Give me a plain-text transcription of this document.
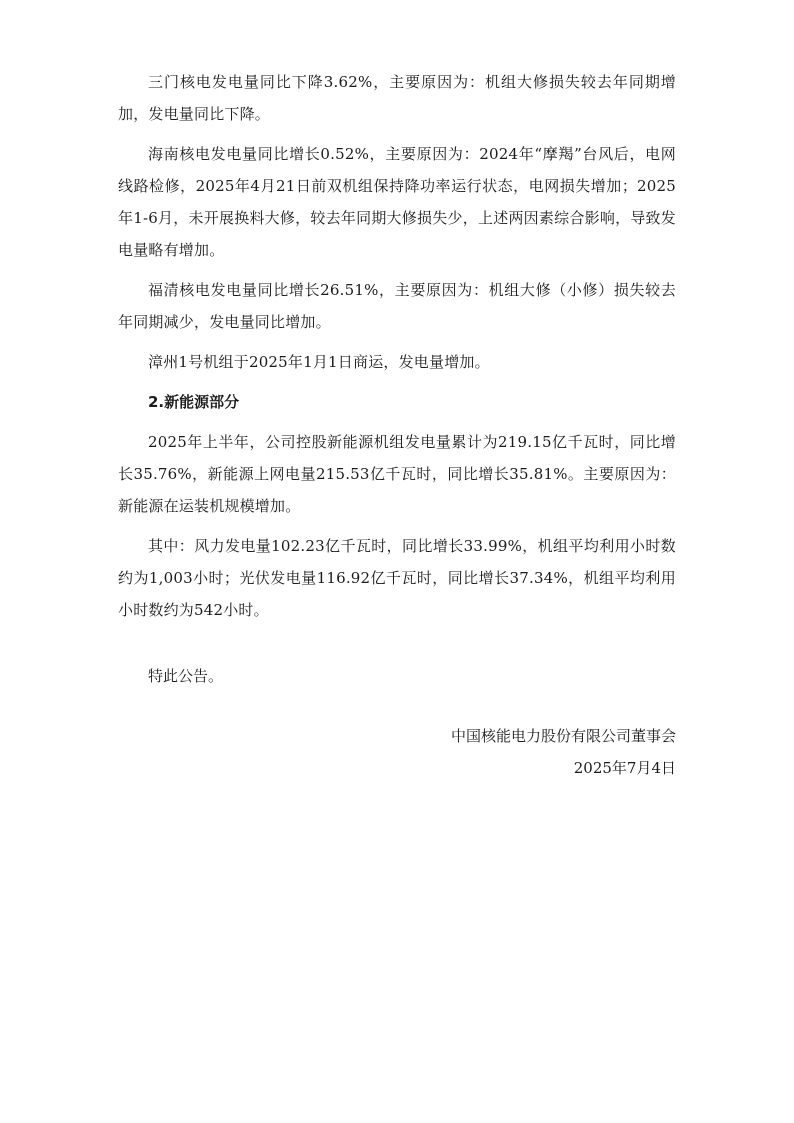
三门核电发电量同比下降3.62%，主要原因为：机组大修损失较去年同期增加，发电量同比下降。

海南核电发电量同比增长0.52%，主要原因为：2024年“摩羯”台风后，电网线路检修，2025年4月21日前双机组保持降功率运行状态，电网损失增加；2025年1-6月，未开展换料大修，较去年同期大修损失少，上述两因素综合影响，导致发电量略有增加。

福清核电发电量同比增长26.51%，主要原因为：机组大修（小修）损失较去年同期减少，发电量同比增加。

漳州1号机组于2025年1月1日商运，发电量增加。

2.新能源部分

2025年上半年，公司控股新能源机组发电量累计为219.15亿千瓦时，同比增长35.76%，新能源上网电量215.53亿千瓦时，同比增长35.81%。主要原因为：新能源在运装机规模增加。

其中：风力发电量102.23亿千瓦时，同比增长33.99%，机组平均利用小时数约为1,003小时；光伏发电量116.92亿千瓦时，同比增长37.34%，机组平均利用小时数约为542小时。

特此公告。

中国核能电力股份有限公司董事会
2025年7月4日
